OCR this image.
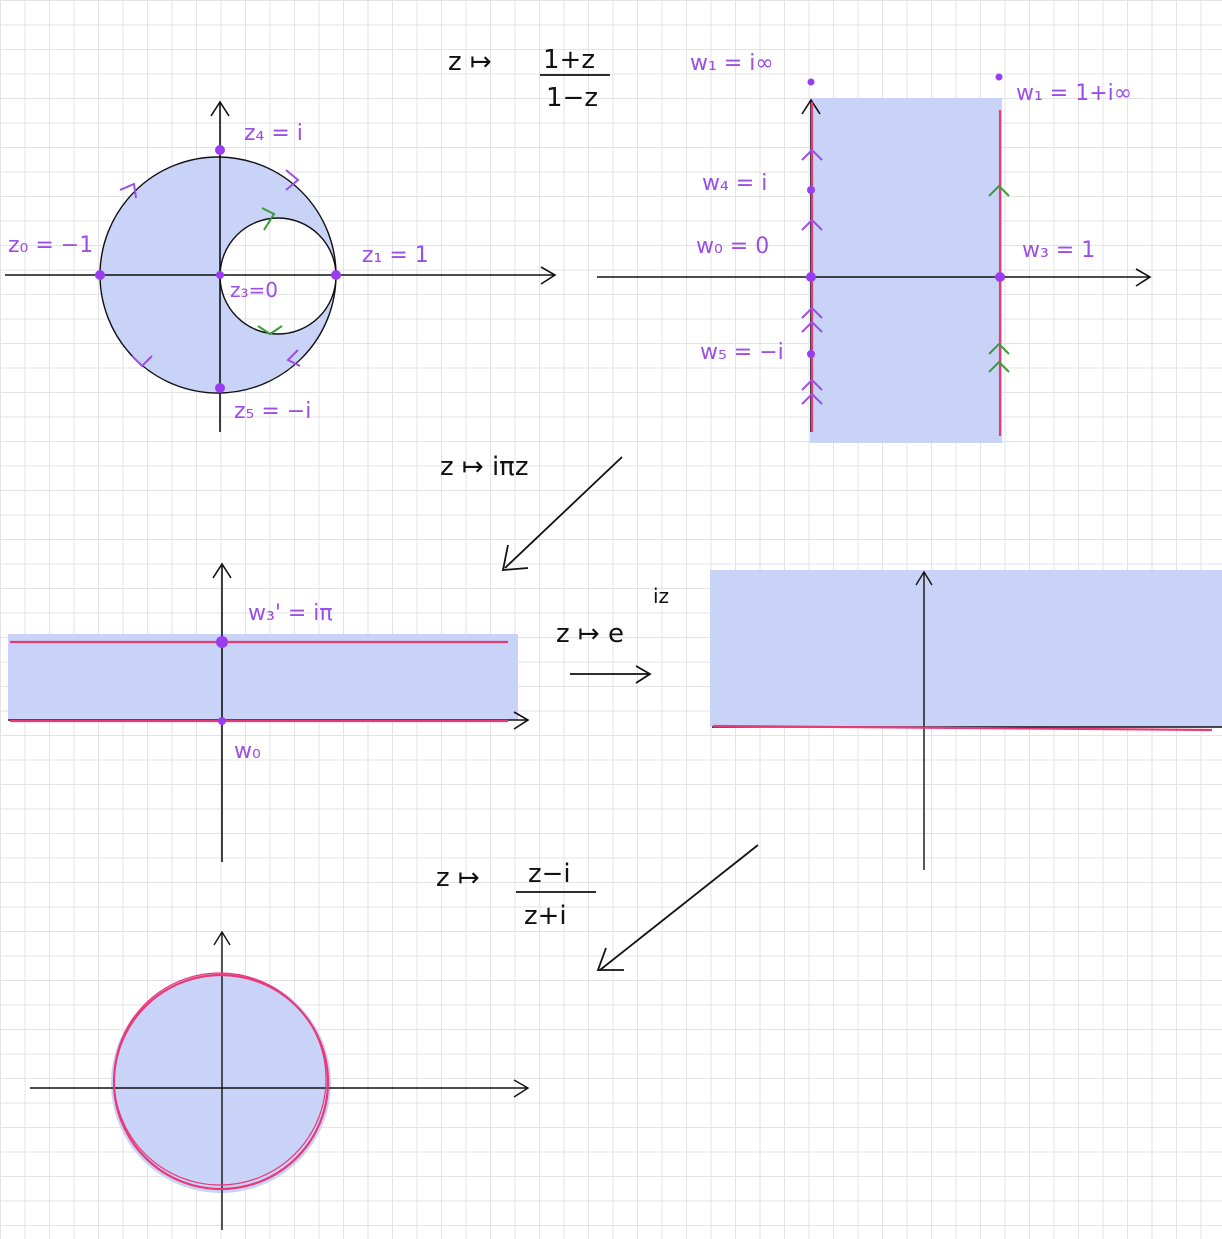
z₀ = −1	z₁ = 1
z₃=0
z₄ = i
z₅ = −i
z ↦ 1+z
1−z
w₁ = i∞
w₁ = 1+i∞
w₄ = i
w₀ = 0	w₃ = 1
w₅ = −i
z ↦ iπz
w₃' = iπ
w₀
z ↦ e
iz
z ↦ z−i
z+i
